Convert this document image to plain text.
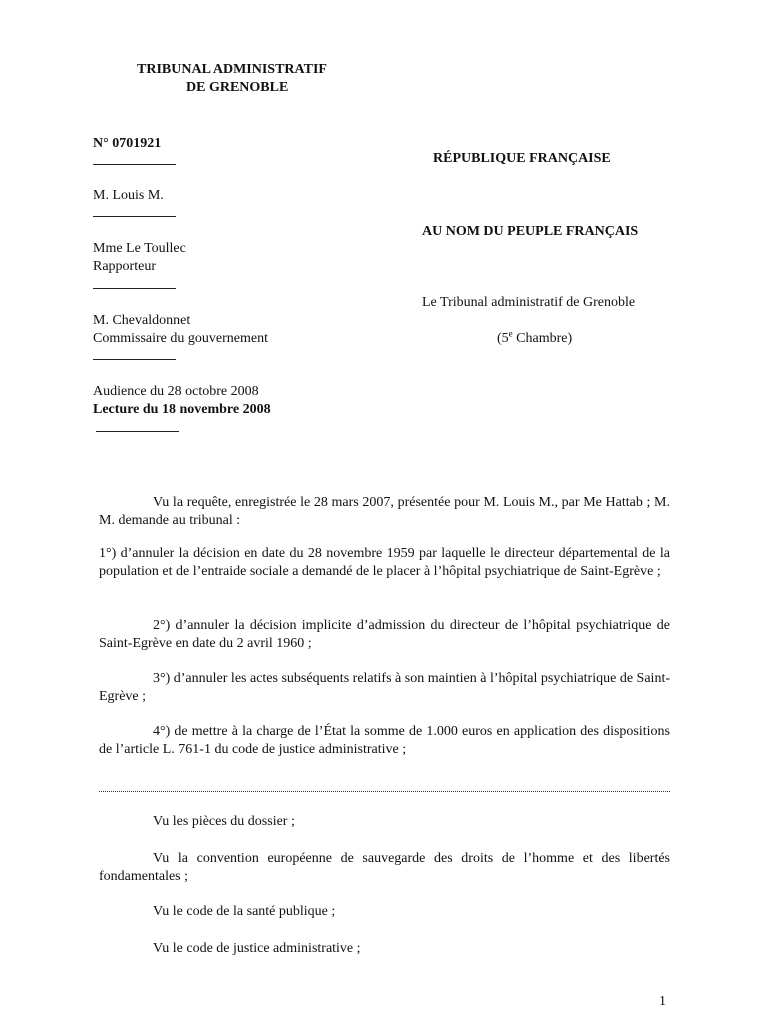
TRIBUNAL ADMINISTRATIF
DE GRENOBLE
N° 0701921
M. Louis M.
Mme Le Toullec
Rapporteur
M. Chevaldonnet
Commissaire du gouvernement
Audience du 28 octobre 2008
Lecture du 18 novembre 2008
RÉPUBLIQUE FRANÇAISE
AU NOM DU PEUPLE FRANÇAIS
Le Tribunal administratif de Grenoble
(5e Chambre)
Vu la requête, enregistrée le 28 mars 2007, présentée pour M. Louis M., par Me Hattab ; M. M. demande au tribunal :
1°) d’annuler la décision en date du 28 novembre 1959 par laquelle le directeur départemental de la population et de l’entraide sociale a demandé de le placer à l’hôpital psychiatrique de Saint-Egrève ;
2°) d’annuler la décision implicite d’admission du directeur de l’hôpital psychiatrique de Saint-Egrève en date du 2 avril 1960 ;
3°) d’annuler les actes subséquents relatifs à son maintien à l’hôpital psychiatrique de Saint-Egrève ;
4°) de mettre à la charge de l’État la somme de 1.000 euros en application des dispositions de l’article L. 761-1 du code de justice administrative ;
Vu les pièces du dossier ;
Vu la convention européenne de sauvegarde des droits de l’homme et des libertés fondamentales ;
Vu le code de la santé publique ;
Vu le code de justice administrative ;
1
